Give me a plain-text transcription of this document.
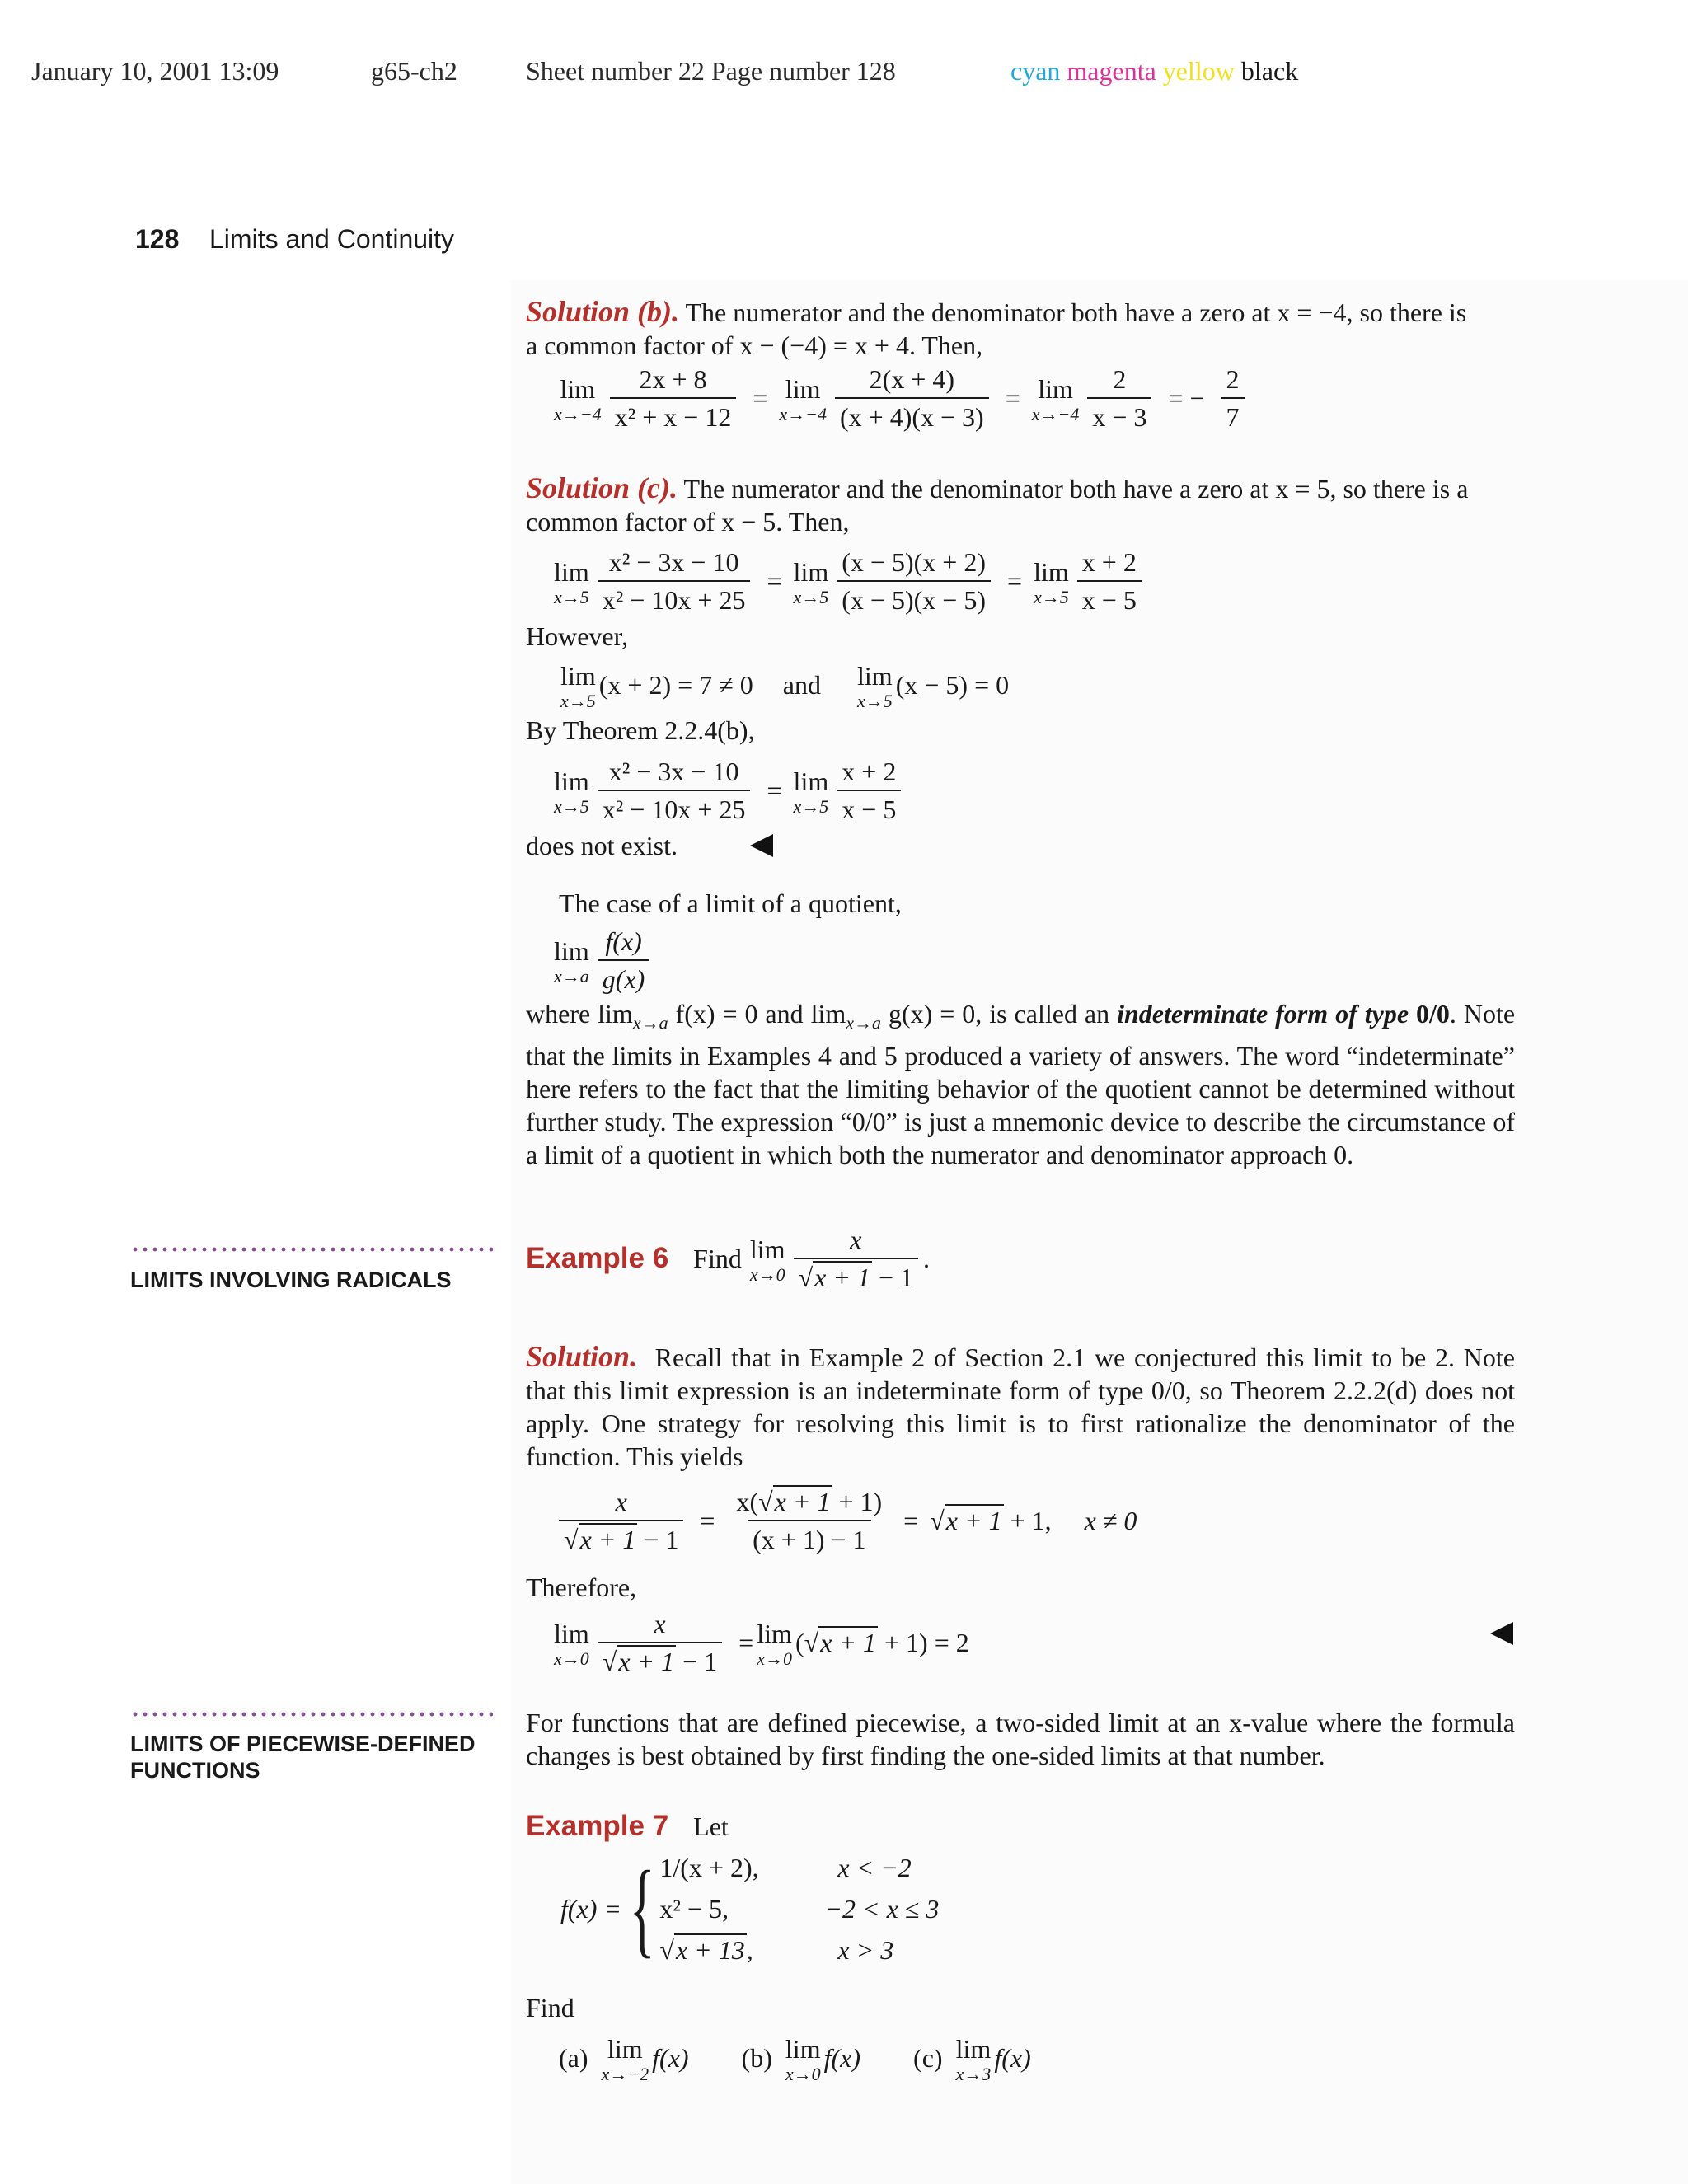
January 10, 2001 13:09	g65-ch2	Sheet number 22 Page number 128	cyan magenta yellow black
128 Limits and Continuity

Solution (b). The numerator and the denominator both have a zero at x = −4, so there is

a common factor of x − (−4) = x + 4. Then,

lim
$x\to-4 \frac{2x + 8}{\text{x² + x − 12}} = \lim$
$x\to-4 \frac{2(x + 4)}{(x + 4)(x - 3)} = \lim$
$x\to-4 \frac{2}{x - 3}$ = − $\frac{2}{7}$

Solution (c). The numerator and the denominator both have a zero at x = 5, so there is a

common factor of x − 5. Then,

lim
$x\to 5 \frac{\text{x² − 3x − 10}}{\text{x² − 10x + 25}} = \lim$
$x\to 5 \frac{(x - 5)(x + 2)}{(x - 5)(x - 5)} = \lim$
$x\to 5 \frac{x + 2}{x - 5}$
However,
lim
x→5
(x + 2) = 7 ≠ 0 and lim
x→5
(x − 5) = 0
By Theorem 2.2.4(b),
lim
$x\to 5 \frac{\text{x² − 3x − 10}}{\text{x² − 10x + 25}} = \lim$
$x\to 5 \frac{x + 2}{x - 5}$
does not exist.
The case of a limit of a quotient,
lim
$x\to a \frac{f(x)}{g(x)}$

where $\lim_{x\to a} f(x) = 0$ and $\lim_{x\to a} g(x) = 0$, is called an indeterminate form of type 0/0. Note that the limits in Examples 4 and 5 produced a variety of answers. The word “indeterminate” here refers to the fact that the limiting behavior of the quotient cannot be determined without further study. The expression “0/0” is just a mnemonic device to describe the circumstance of a limit of a quotient in which both the numerator and denominator approach 0.

LIMITS INVOLVING RADICALS
Example 6 Find lim
$x\to 0 \frac{x}{√x + 1 - 1}$ .

Solution. Recall that in Example 2 of Section 2.1 we conjectured this limit to be 2. Note that this limit expression is an indeterminate form of type 0/0, so Theorem 2.2.2(d) does not apply. One strategy for resolving this limit is to first rationalize the denominator of the function. This yields

$\frac{x}{√x + 1 - 1} = \frac{x(√x + 1 + 1)}{(x + 1) - 1} = √x + 1 + 1$, x ≠ 0
Therefore,
lim
$x\to 0 \frac{x}{√x + 1 - 1} = \lim$
x→0
(√x + 1 + 1) = 2
LIMITS OF PIECEWISE-DEFINED
FUNCTIONS
For functions that are defined piecewise, a two-sided limit at an x-value where the formula changes is best obtained by first finding the one-sided limits at that number.
Example 7 Let
f(x) = { 1/(x + 2),	x < −2
x² − 5,	−2 < x ≤ 3
√x + 13,	x > 3
Find
(a) lim
x→−2
f(x) (b) lim
x→0
f(x) (c) lim
x→3
f(x)
